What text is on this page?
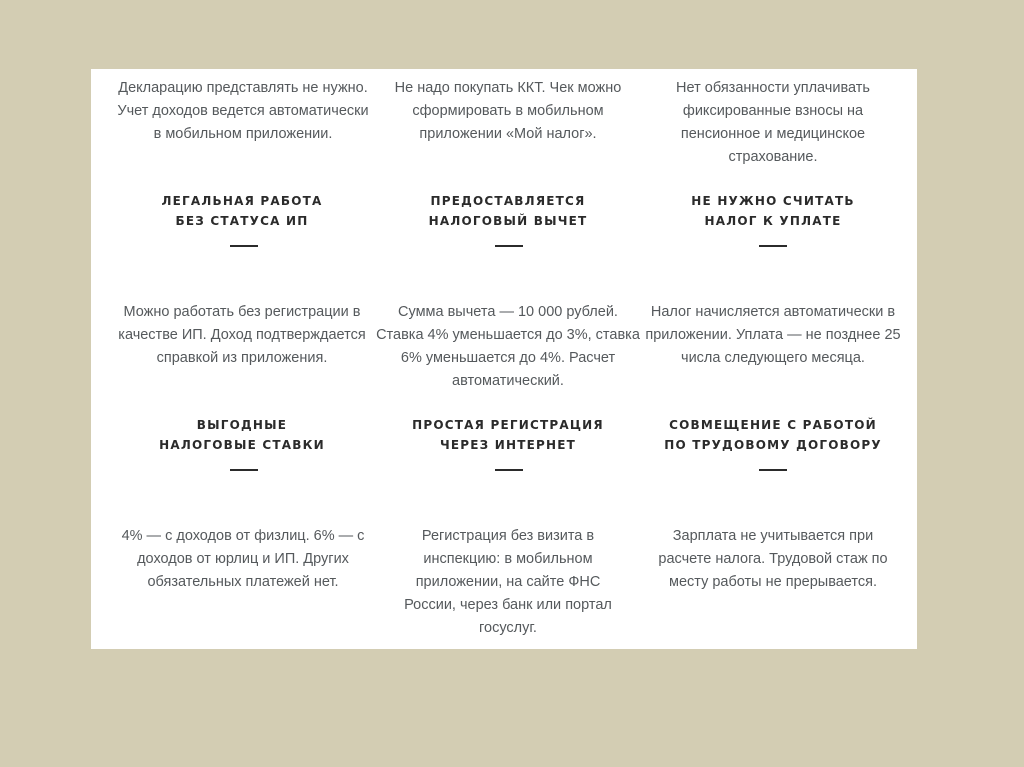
Декларацию представлять не нужно. Учет доходов ведется автоматически в мобильном приложении.

ЛЕГАЛЬНАЯ РАБОТА

БЕЗ СТАТУСА ИП

Можно работать без регистрации в качестве ИП. Доход подтверждается справкой из приложения.

ВЫГОДНЫЕ

НАЛОГОВЫЕ СТАВКИ

4% — с доходов от физлиц. 6% — с доходов от юрлиц и ИП. Других обязательных платежей нет.

Не надо покупать ККТ. Чек можно сформировать в мобильном приложении «Мой налог».

ПРЕДОСТАВЛЯЕТСЯ

НАЛОГОВЫЙ ВЫЧЕТ

Сумма вычета — 10 000 рублей. Ставка 4% уменьшается до 3%, ставка 6% уменьшается до 4%. Расчет автоматический.

ПРОСТАЯ РЕГИСТРАЦИЯ

ЧЕРЕЗ ИНТЕРНЕТ

Регистрация без визита в инспекцию: в мобильном приложении, на сайте ФНС России, через банк или портал госуслуг.

Нет обязанности уплачивать фиксированные взносы на пенсионное и медицинское страхование.

НЕ НУЖНО СЧИТАТЬ

НАЛОГ К УПЛАТЕ

Налог начисляется автоматически в приложении. Уплата — не позднее 25 числа следующего месяца.

СОВМЕЩЕНИЕ С РАБОТОЙ

ПО ТРУДОВОМУ ДОГОВОРУ

Зарплата не учитывается при расчете налога. Трудовой стаж по месту работы не прерывается.
